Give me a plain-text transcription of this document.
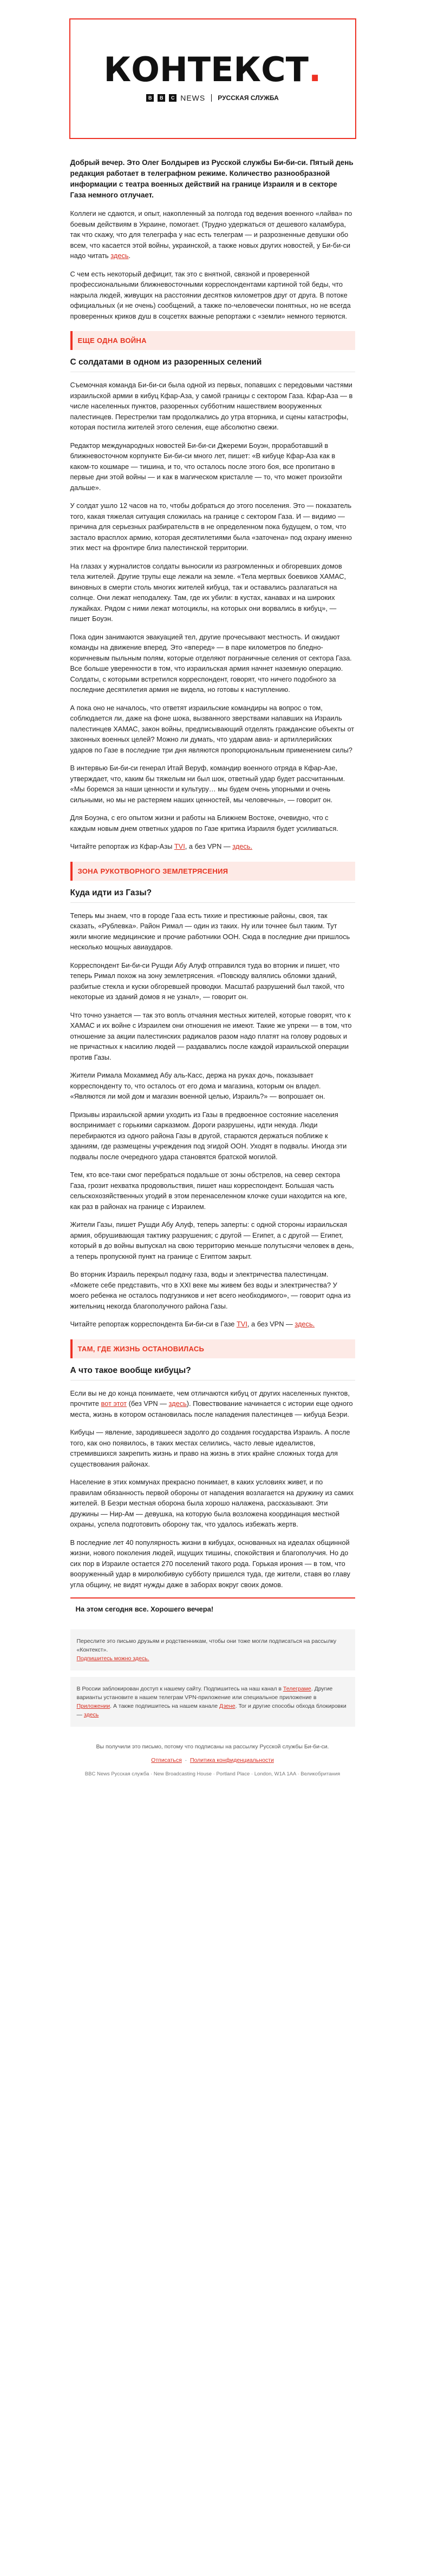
КОНТЕКСТ.
B	B	C NEWS РУССКАЯ СЛУЖБА

Добрый вечер. Это Олег Болдырев из Русской службы Би-би-си. Пятый день редакция работает в телеграфном режиме. Количество разнообразной информации с театра военных действий на границе Израиля и в секторе Газа немного отлучает.

Коллеги не сдаются, и опыт, накопленный за полгода год ведения военного «лайва» по боевым действиям в Украине, помогает. (Трудно удержаться от дешевого каламбура, так что скажу, что для телеграфа у нас есть телеграм — и разрозненные девушки обо всем, что касается этой войны, украинской, а также новых других новостей, у Би-би-си надо читать здесь.

С чем есть некоторый дефицит, так это с внятной, связной и проверенной профессиональными ближневосточными корреспондентами картиной той беды, что накрыла людей, живущих на расстоянии десятков километров друг от друга. В потоке официальных (и не очень) сообщений, а также по-человечески понятных, но не всегда проверенных криков душ в соцсетях важные репортажи с «земли» немного теряются.

ЕЩЕ ОДНА ВОЙНА
С солдатами в одном из разоренных селений

Съемочная команда Би-би-си была одной из первых, попавших с передовыми частями израильской армии в кибуц Кфар-Аза, у самой границы с сектором Газа. Кфар-Аза — в числе населенных пунктов, разоренных субботним нашествием вооруженных палестинцев. Перестрелки там продолжались до утра вторника, и сцены катастрофы, которая постигла жителей этого селения, еще абсолютно свежи.

Редактор международных новостей Би-би-си Джереми Боуэн, проработавший в ближневосточном корпункте Би-би-си много лет, пишет: «В кибуце Кфар-Аза как в каком-то кошмаре — тишина, и то, что осталось после этого боя, все пропитано в первые дни этой войны — и как в магическом кристалле — то, что может произойти дальше».

У солдат ушло 12 часов на то, чтобы добраться до этого поселения. Это — показатель того, какая тяжелая ситуация сложилась на границе с сектором Газа. И — видимо — причина для серьезных разбирательств в не определенном пока будущем, о том, что застало врасплох армию, которая десятилетиями была «заточена» под охрану именно этих мест на фронтире близ палестинской территории.

На глазах у журналистов солдаты выносили из разгромленных и обгоревших домов тела жителей. Другие трупы еще лежали на земле. «Тела мертвых боевиков ХАМАС, виновных в смерти столь многих жителей кибуца, так и оставались разлагаться на солнце. Они лежат неподалеку. Там, где их убили: в кустах, канавах и на широких лужайках. Рядом с ними лежат мотоциклы, на которых они ворвались в кибуц», — пишет Боуэн.

Пока один занимаются эвакуацией тел, другие прочесывают местность. И ожидают команды на движение вперед. Это «вперед» — в паре километров по бледно-коричневым пыльным полям, которые отделяют пограничные селения от сектора Газа. Все больше уверенности в том, что израильская армия начнет наземную операцию. Солдаты, с которыми встретился корреспондент, говорят, что ничего подобного за последние десятилетия армия не видела, но готовы к наступлению.

А пока оно не началось, что ответят израильские командиры на вопрос о том, соблюдается ли, даже на фоне шока, вызванного зверствами напавших на Израиль палестинцев ХАМАС, закон войны, предписывающий отделять гражданские объекты от законных военных целей? Можно ли думать, что ударам авиа- и артиллерийских ударов по Газе в последние три дня являются пропорциональным применением силы?

В интервью Би-би-си генерал Итай Веруф, командир военного отряда в Кфар-Азе, утверждает, что, каким бы тяжелым ни был шок, ответный удар будет рассчитанным. «Мы боремся за наши ценности и культуру… мы будем очень упорными и очень сильными, но мы не растеряем наших ценностей, мы человечны», — говорит он.

Для Боуэна, с его опытом жизни и работы на Ближнем Востоке, очевидно, что с каждым новым днем ответных ударов по Газе критика Израиля будет усиливаться.

Читайте репортаж из Кфар-Азы TVI, а без VPN — здесь.

ЗОНА РУКОТВОРНОГО ЗЕМЛЕТРЯСЕНИЯ
Куда идти из Газы?

Теперь мы знаем, что в городе Газа есть тихие и престижные районы, своя, так сказать, «Рублевка». Район Римал — один из таких. Ну или точнее был таким. Тут жили многие медицинские и прочие работники ООН. Сюда в последние дни пришлось несколько мощных авиаударов.

Корреспондент Би-би-си Рушди Абу Алуф отправился туда во вторник и пишет, что теперь Римал похож на зону землетрясения. «Повсюду валялись обломки зданий, разбитые стекла и куски обгоревшей проводки. Масштаб разрушений был такой, что некоторые из зданий домов я не узнал», — говорит он.

Что точно узнается — так это вопль отчаяния местных жителей, которые говорят, что к ХАМАС и их войне с Израилем они отношения не имеют. Такие же упреки — в том, что отношение за акции палестинских радикалов разом надо платят на голову родовых и не причастных к насилию людей — раздавались после каждой израильской операции против Газы.

Жители Римала Мохаммед Абу аль-Касс, держа на руках дочь, показывает корреспонденту то, что осталось от его дома и магазина, которым он владел. «Являются ли мой дом и магазин военной целью, Израиль?» — вопрошает он.

Призывы израильской армии уходить из Газы в предвоенное состояние населения воспринимает с горькими сарказмом. Дороги разрушены, идти некуда. Люди перебираются из одного района Газы в другой, стараются держаться поближе к зданиям, где размещены учреждения под эгидой ООН. Уходят в подвалы. Иногда эти подвалы после очередного удара становятся братской могилой.

Тем, кто все-таки смог перебраться подальше от зоны обстрелов, на север сектора Газа, грозит нехватка продовольствия, пишет наш корреспондент. Большая часть сельскохозяйственных угодий в этом перенаселенном клочке суши находится на юге, как раз в районах на границе с Израилем.

Жители Газы, пишет Рушди Абу Алуф, теперь заперты: с одной стороны израильская армия, обрушивающая тактику разрушения; с другой — Египет, а с другой — Египет, который в до войны выпускал на свою территорию меньше полутысячи человек в день, а теперь пропускной пункт на границе с Египтом закрыт.

Во вторник Израиль перекрыл подачу газа, воды и электричества палестинцам. «Можете себе представить, что в XXI веке мы живем без воды и электричества? У моего ребенка не осталось подгузников и нет всего необходимого», — говорит одна из жительниц некогда благополучного района Газы.

Читайте репортаж корреспондента Би-би-си в Газе TVI, а без VPN — здесь.

ТАМ, ГДЕ ЖИЗНЬ ОСТАНОВИЛАСЬ
А что такое вообще кибуцы?

Если вы не до конца понимаете, чем отличаются кибуц от других населенных пунктов, прочтите вот этот (без VPN — здесь). Повествование начинается с истории еще одного места, жизнь в котором остановилась после нападения палестинцев — кибуца Беэри.

Кибуцы — явление, зародившееся задолго до создания государства Израиль. А после того, как оно появилось, в таких местах селились, часто левые идеалистов, стремившихся закрепить жизнь и право на жизнь в этих крайне сложных тогда для существования районах.

Население в этих коммунах прекрасно понимает, в каких условиях живет, и по правилам обязанность первой обороны от нападения возлагается на дружину из самих жителей. В Беэри местная оборона была хорошо налажена, рассказывают. Эти дружины — Нир-Ам — девушка, на которую была возложена координация местной охраны, успела подготовить оборону так, что удалось избежать жертв.

В последние лет 40 популярность жизни в кибуцах, основанных на идеалах общинной жизни, нового поколения людей, ищущих тишины, спокойствия и благополучия. Но до сих пор в Израиле остается 270 поселений такого рода. Горькая ирония — в том, что вооруженный удар в миролюбивую субботу пришелся туда, где жители, ставя во главу угла общину, не видят нужды даже в заборах вокруг своих домов.

На этом сегодня все. Хорошего вечера!
Переслите это письмо друзьям и родственникам, чтобы они тоже могли подписаться на рассылку «Контекст».
Подпишитесь можно здесь.
В России заблокирован доступ к нашему сайту. Подпишитесь на наш канал в Телеграме. Другие варианты установите в нашем телеграм VPN-приложение или специальное приложение в Приложении. А также подпишитесь на нашем канале Дзене. Tor и другие способы обхода блокировки — здесь
Вы получили это письмо, потому что подписаны на рассылку Русской службы Би-би-си.
Отписаться  ·  Политика конфиденциальности
BBC News Русская служба · New Broadcasting House · Portland Place · London, W1A 1AA · Великобритания
